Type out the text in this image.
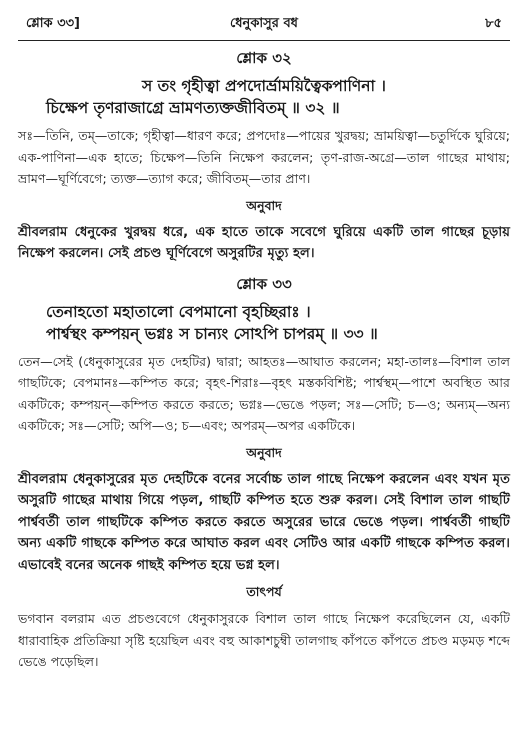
শ্লোক ৩৩]	ধেনুকাসুর বধ	৮৫
শ্লোক ৩২
স তং গৃহীত্বা প্রপদোর্ভ্রাময়িত্বৈকপাণিনা ।
চিক্ষেপ তৃণরাজাগ্রে ভ্রামণত্যক্তজীবিতম্ ॥ ৩২ ॥
সঃ—তিনি, তম্—তাকে; গৃহীত্বা—ধারণ করে; প্রপদোঃ—পায়ের খুরদ্বয়; ভ্রাময়িত্বা—চতুর্দিকে ঘুরিয়ে; এক-পাণিনা—এক হাতে; চিক্ষেপ—তিনি নিক্ষেপ করলেন; তৃণ-রাজ-অগ্রে—তাল গাছের মাথায়; ভ্রামণ—ঘূর্ণিবেগে; ত্যক্ত—ত্যাগ করে; জীবিতম্—তার প্রাণ।
অনুবাদ
শ্রীবলরাম ধেনুকের খুরদ্বয় ধরে, এক হাতে তাকে সবেগে ঘুরিয়ে একটি তাল গাছের চূড়ায় নিক্ষেপ করলেন। সেই প্রচণ্ড ঘূর্ণিবেগে অসুরটির মৃত্যু হল।
শ্লোক ৩৩
তেনাহতো মহাতালো বেপমানো বৃহচ্ছিরাঃ ।
পার্শ্বস্থং কম্পয়ন্ ভগ্নঃ স চান্যং সোঽপি চাপরম্ ॥ ৩৩ ॥
তেন—সেই (ধেনুকাসুরের মৃত দেহটির) দ্বারা; আহতঃ—আঘাত করলেন; মহা-তালঃ—বিশাল তাল গাছটিকে; বেপমানঃ—কম্পিত করে; বৃহৎ-শিরাঃ—বৃহৎ মস্তকবিশিষ্ট; পার্শ্বস্থম্—পাশে অবস্থিত আর একটিকে; কম্পয়ন্—কম্পিত করতে করতে; ভগ্নঃ—ভেঙে পড়ল; সঃ—সেটি; চ—ও; অন্যম্—অন্য একটিকে; সঃ—সেটি; অপি—ও; চ—এবং; অপরম্—অপর একটিকে।
অনুবাদ
শ্রীবলরাম ধেনুকাসুরের মৃত দেহটিকে বনের সর্বোচ্চ তাল গাছে নিক্ষেপ করলেন এবং যখন মৃত অসুরটি গাছের মাথায় গিয়ে পড়ল, গাছটি কম্পিত হতে শুরু করল। সেই বিশাল তাল গাছটি পার্শ্ববর্তী তাল গাছটিকে কম্পিত করতে করতে অসুরের ভারে ভেঙে পড়ল। পার্শ্ববর্তী গাছটি অন্য একটি গাছকে কম্পিত করে আঘাত করল এবং সেটিও আর একটি গাছকে কম্পিত করল। এভাবেই বনের অনেক গাছই কম্পিত হয়ে ভগ্ন হল।
তাৎপর্য
ভগবান বলরাম এত প্রচণ্ডবেগে ধেনুকাসুরকে বিশাল তাল গাছে নিক্ষেপ করেছিলেন যে, একটি ধারাবাহিক প্রতিক্রিয়া সৃষ্টি হয়েছিল এবং বহু আকাশচুম্বী তালগাছ কাঁপতে কাঁপতে প্রচণ্ড মড়মড় শব্দে ভেঙে পড়েছিল।
